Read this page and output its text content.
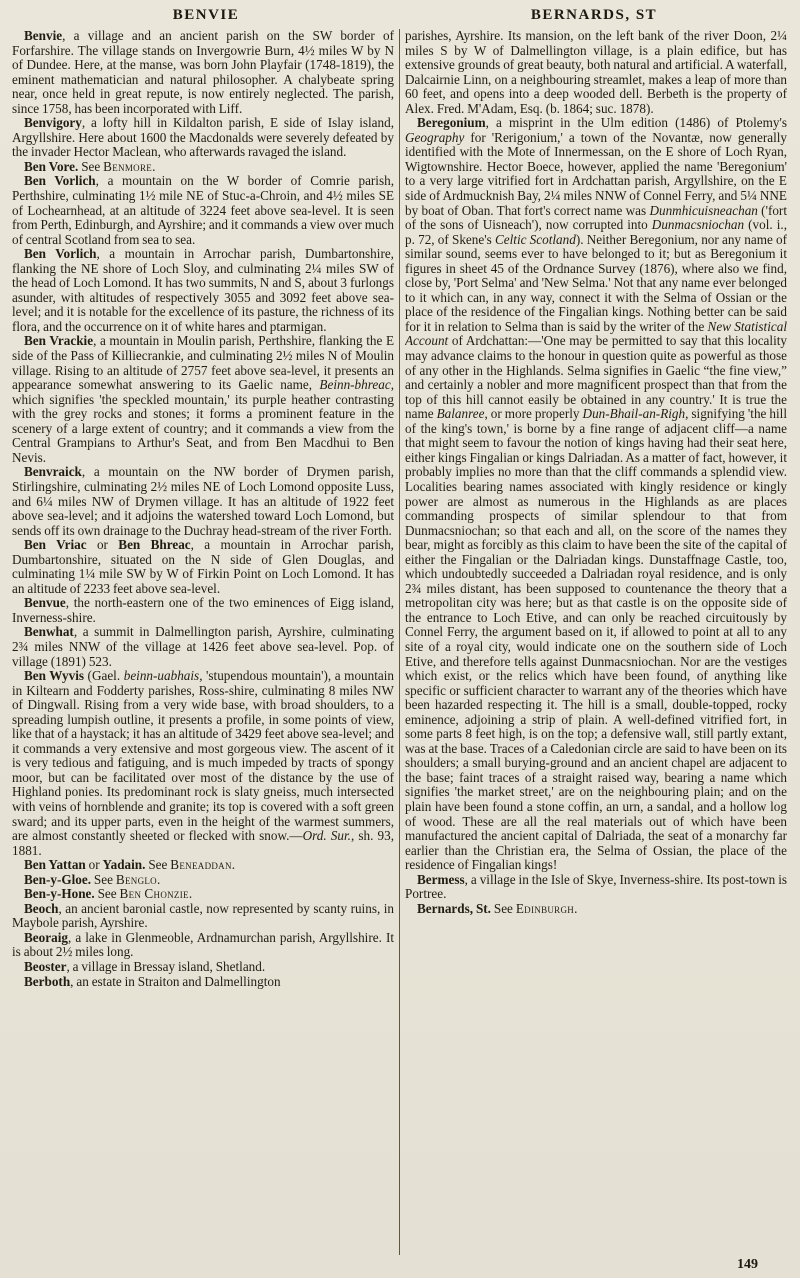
BENVIE	BERNARDS, ST

Benvie, a village and an ancient parish on the SW border of Forfarshire. The village stands on Invergowrie Burn, 4½ miles W by N of Dundee. Here, at the manse, was born John Playfair (1748-1819), the eminent mathematician and natural philosopher. A chalybeate spring near, once held in great repute, is now entirely neglected. The parish, since 1758, has been incorporated with Liff.

Benvigory, a lofty hill in Kildalton parish, E side of Islay island, Argyllshire. Here about 1600 the Macdonalds were severely defeated by the invader Hector Maclean, who afterwards ravaged the island.

Ben Vore. See Benmore.

Ben Vorlich, a mountain on the W border of Comrie parish, Perthshire, culminating 1½ mile NE of Stuc-a-Chroin, and 4½ miles SE of Lochearnhead, at an altitude of 3224 feet above sea-level. It is seen from Perth, Edinburgh, and Ayrshire; and it commands a view over much of central Scotland from sea to sea.

Ben Vorlich, a mountain in Arrochar parish, Dumbartonshire, flanking the NE shore of Loch Sloy, and culminating 2¼ miles SW of the head of Loch Lomond. It has two summits, N and S, about 3 furlongs asunder, with altitudes of respectively 3055 and 3092 feet above sea-level; and it is notable for the excellence of its pasture, the richness of its flora, and the occurrence on it of white hares and ptarmigan.

Ben Vrackie, a mountain in Moulin parish, Perthshire, flanking the E side of the Pass of Killiecrankie, and culminating 2½ miles N of Moulin village. Rising to an altitude of 2757 feet above sea-level, it presents an appearance somewhat answering to its Gaelic name, Beinn-bhreac, which signifies 'the speckled mountain,' its purple heather contrasting with the grey rocks and stones; it forms a prominent feature in the scenery of a large extent of country; and it commands a view from the Central Grampians to Arthur's Seat, and from Ben Macdhui to Ben Nevis.

Benvraick, a mountain on the NW border of Drymen parish, Stirlingshire, culminating 2½ miles NE of Loch Lomond opposite Luss, and 6¼ miles NW of Drymen village. It has an altitude of 1922 feet above sea-level; and it adjoins the watershed toward Loch Lomond, but sends off its own drainage to the Duchray head-stream of the river Forth.

Ben Vriac or Ben Bhreac, a mountain in Arrochar parish, Dumbartonshire, situated on the N side of Glen Douglas, and culminating 1¼ mile SW by W of Firkin Point on Loch Lomond. It has an altitude of 2233 feet above sea-level.

Benvue, the north-eastern one of the two eminences of Eigg island, Inverness-shire.

Benwhat, a summit in Dalmellington parish, Ayrshire, culminating 2¾ miles NNW of the village at 1426 feet above sea-level. Pop. of village (1891) 523.

Ben Wyvis (Gael. beinn-uabhais, 'stupendous mountain'), a mountain in Kiltearn and Fodderty parishes, Ross-shire, culminating 8 miles NW of Dingwall. Rising from a very wide base, with broad shoulders, to a spreading lumpish outline, it presents a profile, in some points of view, like that of a haystack; it has an altitude of 3429 feet above sea-level; and it commands a very extensive and most gorgeous view. The ascent of it is very tedious and fatiguing, and is much impeded by tracts of spongy moor, but can be facilitated over most of the distance by the use of Highland ponies. Its predominant rock is slaty gneiss, much intersected with veins of hornblende and granite; its top is covered with a soft green sward; and its upper parts, even in the height of the warmest summers, are almost constantly sheeted or flecked with snow.—Ord. Sur., sh. 93, 1881.

Ben Yattan or Yadain. See Beneaddan.

Ben-y-Gloe. See Benglo.

Ben-y-Hone. See Ben Chonzie.

Beoch, an ancient baronial castle, now represented by scanty ruins, in Maybole parish, Ayrshire.

Beoraig, a lake in Glenmeoble, Ardnamurchan parish, Argyllshire. It is about 2½ miles long.

Beoster, a village in Bressay island, Shetland.

Berboth, an estate in Straiton and Dalmellington

parishes, Ayrshire. Its mansion, on the left bank of the river Doon, 2¼ miles S by W of Dalmellington village, is a plain edifice, but has extensive grounds of great beauty, both natural and artificial. A waterfall, Dalcairnie Linn, on a neighbouring streamlet, makes a leap of more than 60 feet, and opens into a deep wooded dell. Berbeth is the property of Alex. Fred. M'Adam, Esq. (b. 1864; suc. 1878).

Beregonium, a misprint in the Ulm edition (1486) of Ptolemy's Geography for 'Rerigonium,' a town of the Novantæ, now generally identified with the Mote of Innermessan, on the E shore of Loch Ryan, Wigtownshire. Hector Boece, however, applied the name 'Beregonium' to a very large vitrified fort in Ardchattan parish, Argyllshire, on the E side of Ardmucknish Bay, 2¼ miles NNW of Connel Ferry, and 5¼ NNE by boat of Oban. That fort's correct name was Dunmhicuisneachan ('fort of the sons of Uisneach'), now corrupted into Dunmacsniochan (vol. i., p. 72, of Skene's Celtic Scotland). Neither Beregonium, nor any name of similar sound, seems ever to have belonged to it; but as Beregonium it figures in sheet 45 of the Ordnance Survey (1876), where also we find, close by, 'Port Selma' and 'New Selma.' Not that any name ever belonged to it which can, in any way, connect it with the Selma of Ossian or the place of the residence of the Fingalian kings. Nothing better can be said for it in relation to Selma than is said by the writer of the New Statistical Account of Ardchattan:—'One may be permitted to say that this locality may advance claims to the honour in question quite as powerful as those of any other in the Highlands. Selma signifies in Gaelic “the fine view,” and certainly a nobler and more magnificent prospect than that from the top of this hill cannot easily be obtained in any country.' It is true the name Balanree, or more properly Dun-Bhail-an-Righ, signifying 'the hill of the king's town,' is borne by a fine range of adjacent cliff—a name that might seem to favour the notion of kings having had their seat here, either kings Fingalian or kings Dalriadan. As a matter of fact, however, it probably implies no more than that the cliff commands a splendid view. Localities bearing names associated with kingly residence or kingly power are almost as numerous in the Highlands as are places commanding prospects of similar splendour to that from Dunmacsniochan; so that each and all, on the score of the names they bear, might as forcibly as this claim to have been the site of the capital of either the Fingalian or the Dalriadan kings. Dunstaffnage Castle, too, which undoubtedly succeeded a Dalriadan royal residence, and is only 2¾ miles distant, has been supposed to countenance the theory that a metropolitan city was here; but as that castle is on the opposite side of the entrance to Loch Etive, and can only be reached circuitously by Connel Ferry, the argument based on it, if allowed to point at all to any site of a royal city, would indicate one on the southern side of Loch Etive, and therefore tells against Dunmacsniochan. Nor are the vestiges which exist, or the relics which have been found, of anything like specific or sufficient character to warrant any of the theories which have been hazarded respecting it. The hill is a small, double-topped, rocky eminence, adjoining a strip of plain. A well-defined vitrified fort, in some parts 8 feet high, is on the top; a defensive wall, still partly extant, was at the base. Traces of a Caledonian circle are said to have been on its shoulders; a small burying-ground and an ancient chapel are adjacent to the base; faint traces of a straight raised way, bearing a name which signifies 'the market street,' are on the neighbouring plain; and on the plain have been found a stone coffin, an urn, a sandal, and a hollow log of wood. These are all the real materials out of which have been manufactured the ancient capital of Dalriada, the seat of a monarchy far earlier than the Christian era, the Selma of Ossian, the place of the residence of Fingalian kings!

Bermess, a village in the Isle of Skye, Inverness-shire. Its post-town is Portree.

Bernards, St. See Edinburgh.

149
